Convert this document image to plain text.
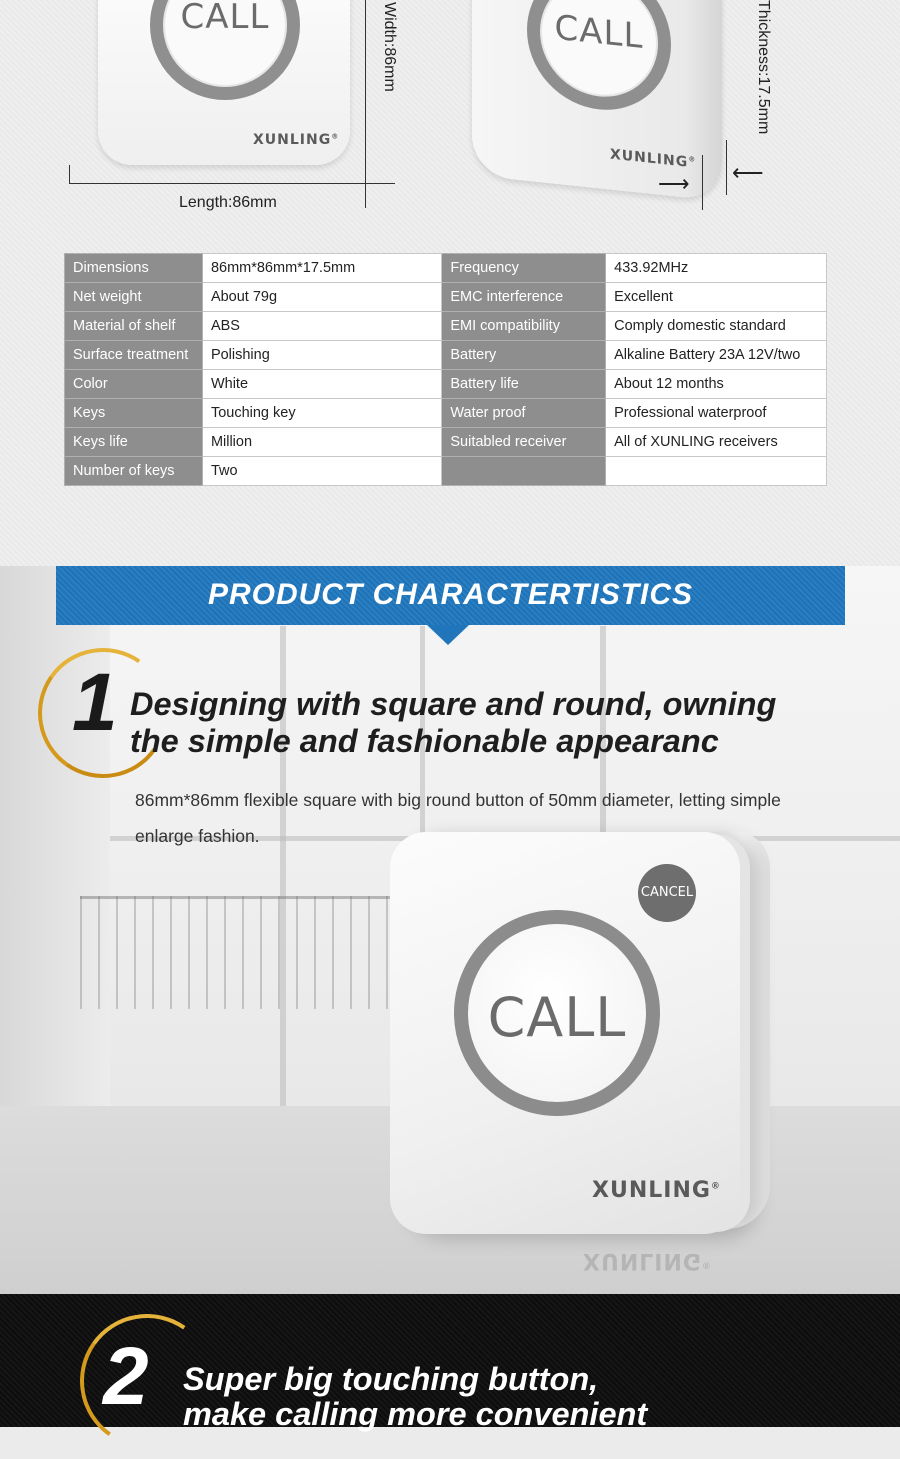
CALL
XUNLING®
Width:86mm
Length:86mm
CALL
XUNLING®
⟶ ⟵
Thickness:17.5mm
Dimensions	86mm*86mm*17.5mm	Frequency	433.92MHz
Net weight	About 79g	EMC interference	Excellent
Material of shelf	ABS	EMI compatibility	Comply domestic standard
Surface treatment	Polishing	Battery	Alkaline Battery 23A 12V/two
Color	White	Battery life	About 12 months
Keys	Touching key	Water proof	Professional waterproof
Keys life	Million	Suitabled receiver	All of XUNLING receivers
Number of keys	Two		
PRODUCT CHARACTERTISTICS
1 Designing with square and round, owning
the simple and fashionable appearanc
86mm*86mm flexible square with big round button of 50mm diameter, letting simple enlarge fashion.
CANCEL
CALL
XUNLING®
XUNLING®
2 Super big touching button,
make calling more convenient
